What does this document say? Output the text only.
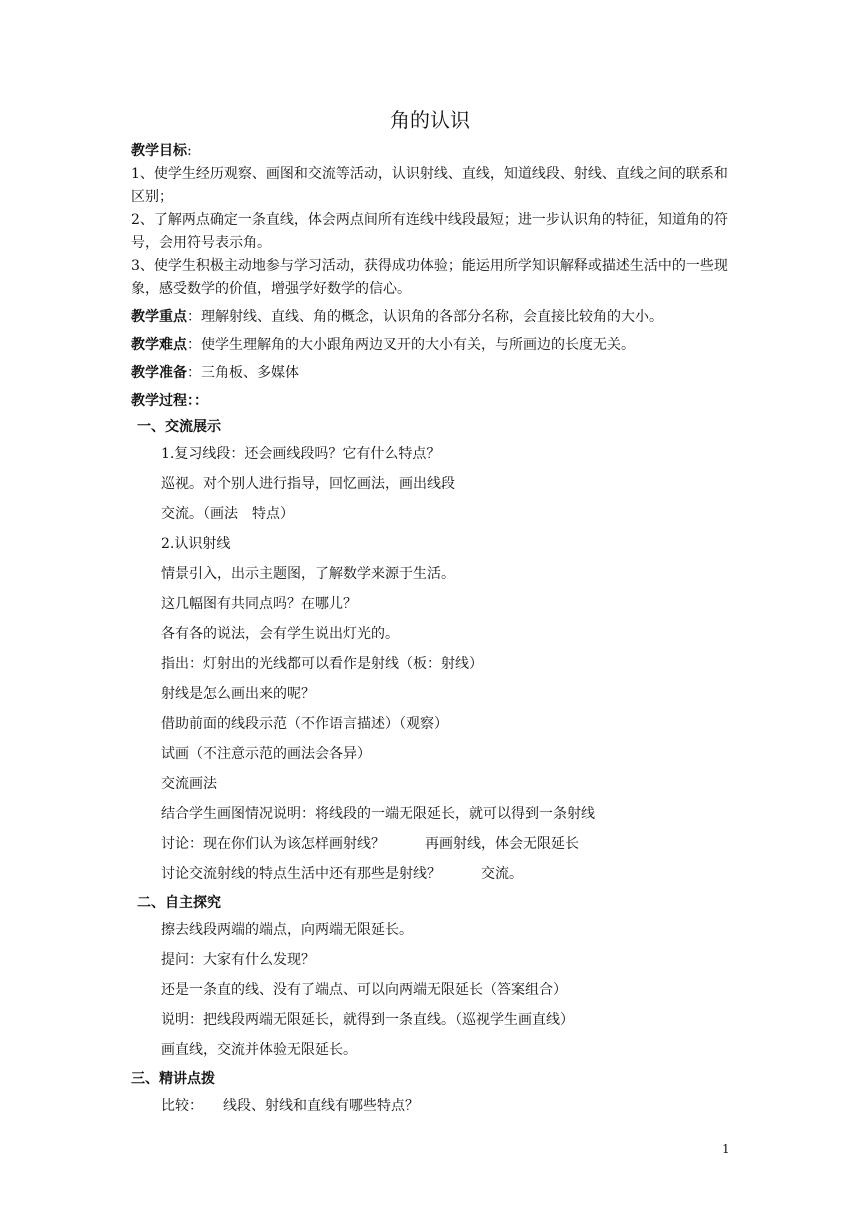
角的认识

教学目标:

1、使学生经历观察、画图和交流等活动，认识射线、直线，知道线段、射线、直线之间的联系和区别；

2、了解两点确定一条直线，体会两点间所有连线中线段最短；进一步认识角的特征，知道角的符号，会用符号表示角。

3、使学生积极主动地参与学习活动，获得成功体验；能运用所学知识解释或描述生活中的一些现象，感受数学的价值，增强学好数学的信心。

教学重点：理解射线、直线、角的概念，认识角的各部分名称，会直接比较角的大小。

教学难点：使学生理解角的大小跟角两边叉开的大小有关，与所画边的长度无关。

教学准备：三角板、多媒体

教学过程：：

一、交流展示

1.复习线段：还会画线段吗？它有什么特点？

巡视。对个别人进行指导，回忆画法，画出线段

交流。（画法　特点）

2.认识射线

情景引入，出示主题图，了解数学来源于生活。

这几幅图有共同点吗？在哪儿？

各有各的说法，会有学生说出灯光的。

指出：灯射出的光线都可以看作是射线（板：射线）

射线是怎么画出来的呢？

借助前面的线段示范（不作语言描述）（观察）

试画（不注意示范的画法会各异）

交流画法

结合学生画图情况说明：将线段的一端无限延长，就可以得到一条射线

讨论：现在你们认为该怎样画射线？	再画射线，体会无限延长

讨论交流射线的特点生活中还有那些是射线？	交流。

二、自主探究

擦去线段两端的端点，向两端无限延长。

提问：大家有什么发现？

还是一条直的线、没有了端点、可以向两端无限延长（答案组合）

说明：把线段两端无限延长，就得到一条直线。（巡视学生画直线）

画直线，交流并体验无限延长。

三、精讲点拨

比较： 线段、射线和直线有哪些特点？

1
